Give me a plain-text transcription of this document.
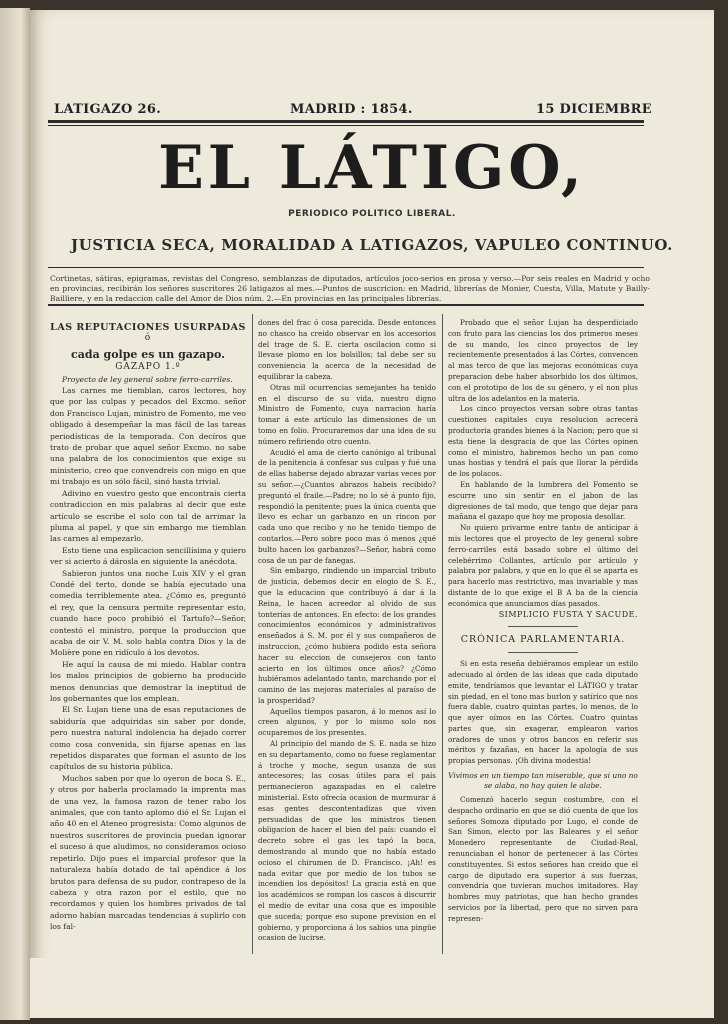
LATIGAZO 26.	MADRID : 1854.	15 DICIEMBRE
EL LÁTIGO,
PERIODICO POLITICO LIBERAL.
JUSTICIA SECA, MORALIDAD A LATIGAZOS, VAPULEO CONTINUO.
Cortinetas, sátiras, epigramas, revistas del Congreso, semblanzas de diputados, artículos joco-serios en prosa y verso.—Por seis reales en Madrid y ocho en provincias, recibirán los señores suscritores 26 latigazos al mes.—Puntos de suscricion: en Madrid, librerías de Monier, Cuesta, Villa, Matute y Bailly-Bailliere, y en la redaccion calle del Amor de Dios núm. 2.—En provincias en las principales librerías.

LAS REPUTACIONES USURPADAS

ó

cada golpe es un gazapo.

GAZAPO 1.º

Proyecto de ley general sobre ferro-carriles.

Las carnes me tiemblan, caros lectores, hoy que por las culpas y pecados del Excmo. señor don Francisco Lujan, ministro de Fomento, me veo obligado á desempeñar la mas fácil de las tareas periodísticas de la temporada. Con decíros que trato de probar que aquel señor Excmo. no sabe una palabra de los conocimientos que exige su ministerio, creo que convendreis con migo en que mi trabajo es un sólo fácil, sinó hasta trivial.

Adivino en vuestro gesto que encontrais cierta contradiccion en mis palabras al decir que este artículo se escribe el solo con tal de arrimar la pluma al papel, y que sin embargo me tiemblan las carnes al empezarlo.

Esto tiene una esplicacion sencillísima y quiero ver si acierto á dárosla en siguiente la anécdota.

Sabieron juntos una noche Luis XIV y el gran Condé del terto, donde se había ejecutado una comedia terriblemente atea. ¿Cómo es, preguntó el rey, que la censura permite representar esto, cuando hace poco prohibió el Tartufo?—Señor, contestó el ministro, porque la produccion que acaba de oir V. M. solo habla contra Dios y la de Molière pone en ridículo á los devotos.

He aquí la causa de mi miedo. Hablar contra los malos principios de gobierno ha producido menos denuncias que demostrar la ineptitud de los gobernantes que los emplean.

El Sr. Lujan tiene una de esas reputaciones de sabiduría que adquiridas sin saber por donde, pero nuestra natural indolencia ha dejado correr como cosa convenida, sin fijarse apenas en las repetidos disparates que forman el asunto de los capítulos de su historia pública.

Muchos saben por que lo oyeron de boca S. E., y otros por haberla proclamado la imprenta mas de una vez, la famosa razon de tener rabo los animales, que con tanto aplomo dió el Sr. Lujan el año 40 en el Ateneo progresista: Como algunos de nuestros suscritores de provincia puedan ignorar el suceso á que aludimos, no consideramos ocioso repetirlo. Dijo pues el imparcial profesor que la naturaleza había dotado de tal apéndice á los brutos para defensa de su pudor, contrapeso de la cabeza y otra razon por el estilo, que no recordamos y quien los hombres privados de tal adorno habían marcadas tendencias á suplirlo con los fal-

dones del frac ó cosa parecida. Desde entonces no chasco ha creido observar en los accesorios del trage de S. E. cierta oscilacion como si llevase plomo en los bolsillos; tal debe ser su conveniencia la acerca de la necesidad de equilibrar la cabeza.

Otras mil ocurrencias semejantes ha tenido en el discurso de su vida, nuestro digno Ministro de Fomento, cuya narracion haría tomar á este artículo las dimensiones de un tomo en folio. Procuraremos dar una idea de su número refiriendo otro cuento.

Acudió el ama de cierto canónigo al tribunal de la penitencia á confesar sus culpas y fué una de ellas haberse dejado abrazar varias veces por su señor.—¿Cuantos abrazos habeis recibido? preguntó el fraile.—Padre; no lo sé á punto fijo, respondió la penitente; pues la única cuenta que llevo es echar un garbanzo en un rincon por cada uno que recibo y no he tenido tiempo de contarlos.—Pero sobre poco mas ó menos ¿qué bulto hacen los garbanzos?—Señor, habrá como cosa de un par de fanegas.

Sin embargo, rindiendo un imparcial tributo de justicia, debemos decir en elogio de S. E., que la educacion que contribuyó á dar á la Reina, le hacen acreedor al olvido de sus tonterías de antonces. En efecto: de los grandes conocimientos económicos y administrativos enseñados á S. M. por él y sus compañeros de instruccion, ¿cómo hubiera podido esta señora hacer su eleccion de consejeros con tanto acierto en los últimos once años? ¿Cómo hubiéramos adelantado tanto, marchando por el camino de las mejoras materiales al paraíso de la prosperidad?

Aquellos tiempos pasaron, á lo menos así lo creen algunos, y por lo mismo solo nos ocuparemos de los presentes.

Al principio del mando de S. E. nada se hizo en su departamento, como no fuese reglamentar á troche y moche, segun usanza de sus antecesores; las cosas útiles para el país permanecieron agazapadas en el caletre ministerial. Esto ofrecía ocasion de murmurar á esas gentes descontentadizas que viven persuadidas de que los ministros tienen obligacion de hacer el bien del país: cuando el decreto sobre el gas les tapó la boca, demostrando al mundo que no había estado ocioso el chirumen de D. Francisco. ¡Ah! es nada evitar que por medio de los tubos se incendien los depósitos! La gracia está en que los académicos se rompan los cascos á discurrir el medio de evitar una cosa que es imposible que suceda; porque eso supone prevision en el gobierno, y proporciona á los sabios una pingüe ocasion de lucirse.

Probado que el señor Lujan ha desperdiciado con fruto para las ciencias los dos primeros meses de su mando, los cinco proyectos de ley recientemente presentados á las Córtes, convencen al mas terco de que las mejoras económicas cuya preparacion debe haber absorbido los dos últimos, con el prototipo de los de su género, y el non plus ultra de los adelantos en la materia.

Los cinco proyectos versan sobre otras tantas cuestiones capitales cuya resolucion acrecerá productoria grandes bienes á la Nacion; pero que si esta tiene la desgracia de que las Córtes opinen como el ministro, habremos hecho un pan como unas hostias y tendrá el país que llorar la pérdida de los polacos.

En hablando de la lumbrera del Fomento se escurre uno sin sentir en el jabon de las digresiones de tal modo, que tengo que dejar para mañana el gazapo que hoy me proposia desollar.

No quiero privarme entre tanto de anticipar á mis lectores que el proyecto de ley general sobre ferro-carriles está basado sobre el último del celebérrimo Collantes, artículo por artículo y palabra por palabra, y que en lo que él se aparta es para hacerlo mas restrictivo, mas invariable y mas distante de lo que exige el B A ba de la ciencia económica que anunciamos días pasados.

SIMPLICIO FUSTA Y SACUDE.

CRÓNICA PARLAMENTARIA.

Si en esta reseña debiéramos emplear un estilo adecuado al órden de las ideas que cada diputado emite, tendríamos que levantar el LÁTIGO y tratar sin piedad, en el tono mas burlon y satírico que nos fuera dable, cuatro quintas partes, lo menos, de lo que ayer oímos en las Córtes. Cuatro quintas partes que, sin exagerar, emplearon varios oradores de unos y otros bancos en referir sus méritos y fazañas, en hacer la apología de sus propias personas. ¡Oh divina modestia!

Vivimos en un tiempo tan miserable, que si uno no se alaba, no hay quien le alabe.

Comenzó hacerlo segun costumbre, con el despacho ordinario en que se dió cuenta de que los señores Somoza diputado por Lugo, el conde de San Simon, electo por las Baleares y el señor Monedero representante de Ciudad-Real, renunciaban el honor de pertenecer á las Córtes constituyentes. Si estos señores han creido que el cargo de diputado era superior á sus fuerzas, convendría que tuvieran muchos imitadores. Hay hombres muy patriotas, que han hecho grandes servicios por la libertad, pero que no sirven para represen-
